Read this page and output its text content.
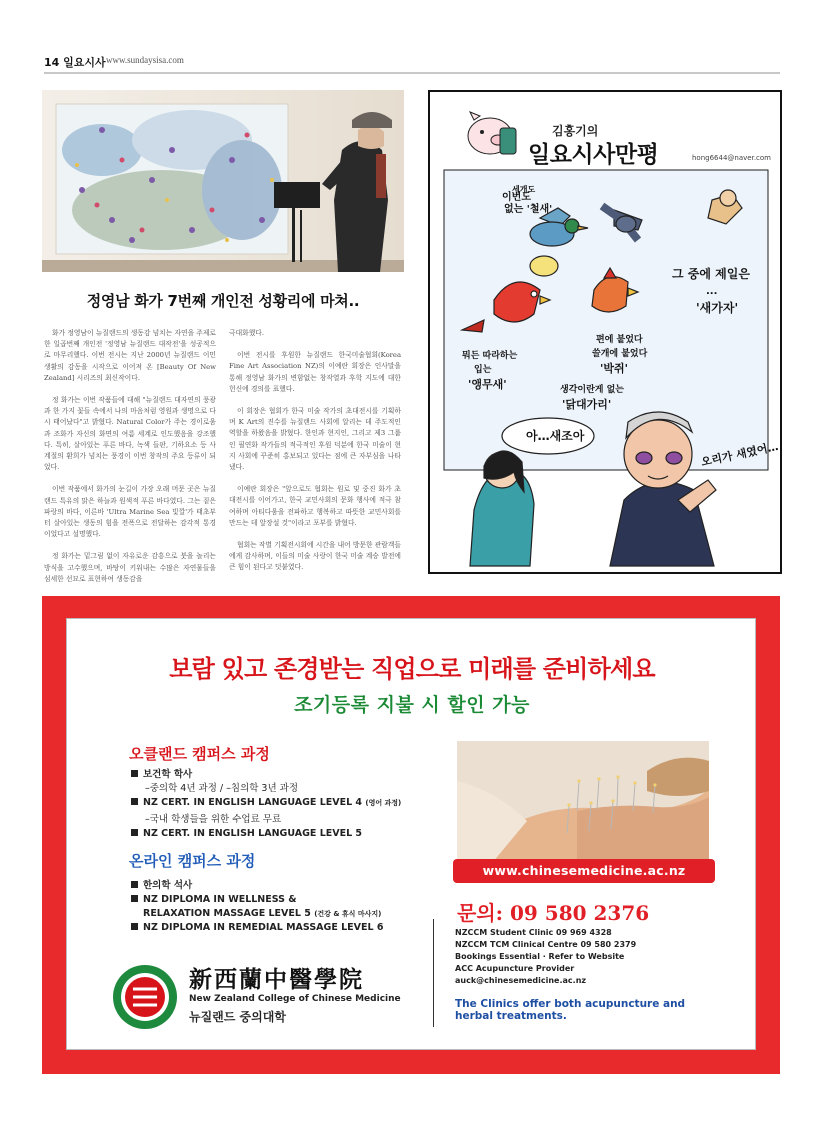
14 일요시사 www.sundaysisa.com
정영남 화가 7번째 개인전 성황리에 마쳐..

화가 정영남이 뉴질랜드의 생동감 넘치는 자연을 주제로 한 일곱번째 개인전 '정영남 뉴질랜드 대작전'을 성공적으로 마무리했다. 이번 전시는 지난 2000년 뉴질랜드 이민생활의 감동을 시작으로 이어져 온 [Beauty Of New Zealand] 시리즈의 최신작이다.

정 화가는 이번 작품들에 대해 "뉴질랜드 대자연의 풍광과 한 가지 꽃들 속에서 나의 마음처럼 영원과 생명으로 다시 태어났다"고 밝혔다. Natural Color가 주는 경이로움과 조화가 자신의 화면의 여름 세계로 인도했음을 강조했다. 특히, 살아있는 푸른 바다, 녹색 들판, 기하요소 등 사계절의 환희가 넘치는 풍경이 이번 창작의 주요 등류이 되었다.

이번 작품에서 화가의 눈길이 가장 오래 머문 곳은 뉴질랜드 특유의 맑은 하늘과 원색적 푸른 바다였다. 그는 짙은 파랑의 바다, 이른바 'Ultra Marine Sea 빛깔'가 태초부터 살아있는 생동의 힘을 전폭으로 전달하는 감각적 통경이었다고 설명했다.

정 화가는 밑그림 없이 자유로운 감흥으로 붓을 놀리는 방식을 고수했으며, 바탕이 키워내는 수많은 자연물들을 섬세한 선묘로 표현하여 생동감을

극대화했다.

이번 전시를 후원한 뉴질랜드 한국미술협회(Korea Fine Art Association NZ)의 이예란 회장은 인사말을 통해 정영남 화가의 변함없는 창작열과 후학 지도에 대한 헌신에 경의를 표했다.

이 회장은 협회가 한국 미술 작가의 초대전시를 기획하며 K Art의 진수를 뉴질랜드 사회에 알리는 데 주도적인 역할을 하왔음을 밝혔다. 한인과 현지인, 그리고 제3 그룹인 필연화 작가들의 적극적인 후원 덕분에 한국 미술이 현지 사회에 꾸준히 홍보되고 있다는 점에 큰 자부심을 나타냈다.

이예란 회장은 "앞으로도 협회는 원로 및 중진 화가 초대전시를 이어가고, 한국 교민사회의 문화 행사에 적극 참여하며 아티다움을 전파하고 행복하고 따뜻한 교민사회를 만드는 데 앞장설 것"이라고 포부를 밝혔다.

협회는 작별 기획전시회에 시간을 내어 방문한 관람객들에게 감사하며, 이들의 미술 사랑이 한국 미술 계승 발전에 큰 힘이 된다고 덧붙였다.

김홍기의
일요시사만평	hong6644@naver.com
이번도
세개도
없는 '철새'
그 중에 제일은
...
'새가자'
편에 붙었다
쓸개에 붙었다
'박쥐'
뭐든 따라하는
입는
'앵무새'	생각이란게 없는
'닭대가리'
오리가 새였어…
아…새조아
보람 있고 존경받는 직업으로 미래를 준비하세요
조기등록 지불 시 할인 가능
오클랜드 캠퍼스 과정
보건학 학사
–중의학 4년 과정 / –침의학 3년 과정
NZ CERT. IN ENGLISH LANGUAGE LEVEL 4 (영어 과정)
–국내 학생들을 위한 수업료 무료
NZ CERT. IN ENGLISH LANGUAGE LEVEL 5
온라인 캠퍼스 과정
한의학 석사
NZ DIPLOMA IN WELLNESS &
RELAXATION MASSAGE LEVEL 5 (건강 & 휴식 마사지)
NZ DIPLOMA IN REMEDIAL MASSAGE LEVEL 6
www.chinesemedicine.ac.nz
문의: 09 580 2376
NZCCM Student Clinic 09 969 4328
NZCCM TCM Clinical Centre 09 580 2379
Bookings Essential · Refer to Website
ACC Acupuncture Provider
auck@chinesemedicine.ac.nz
The Clinics offer both acupuncture and herbal treatments.
新西蘭中醫學院
New Zealand College of Chinese Medicine
뉴질랜드 중의대학
